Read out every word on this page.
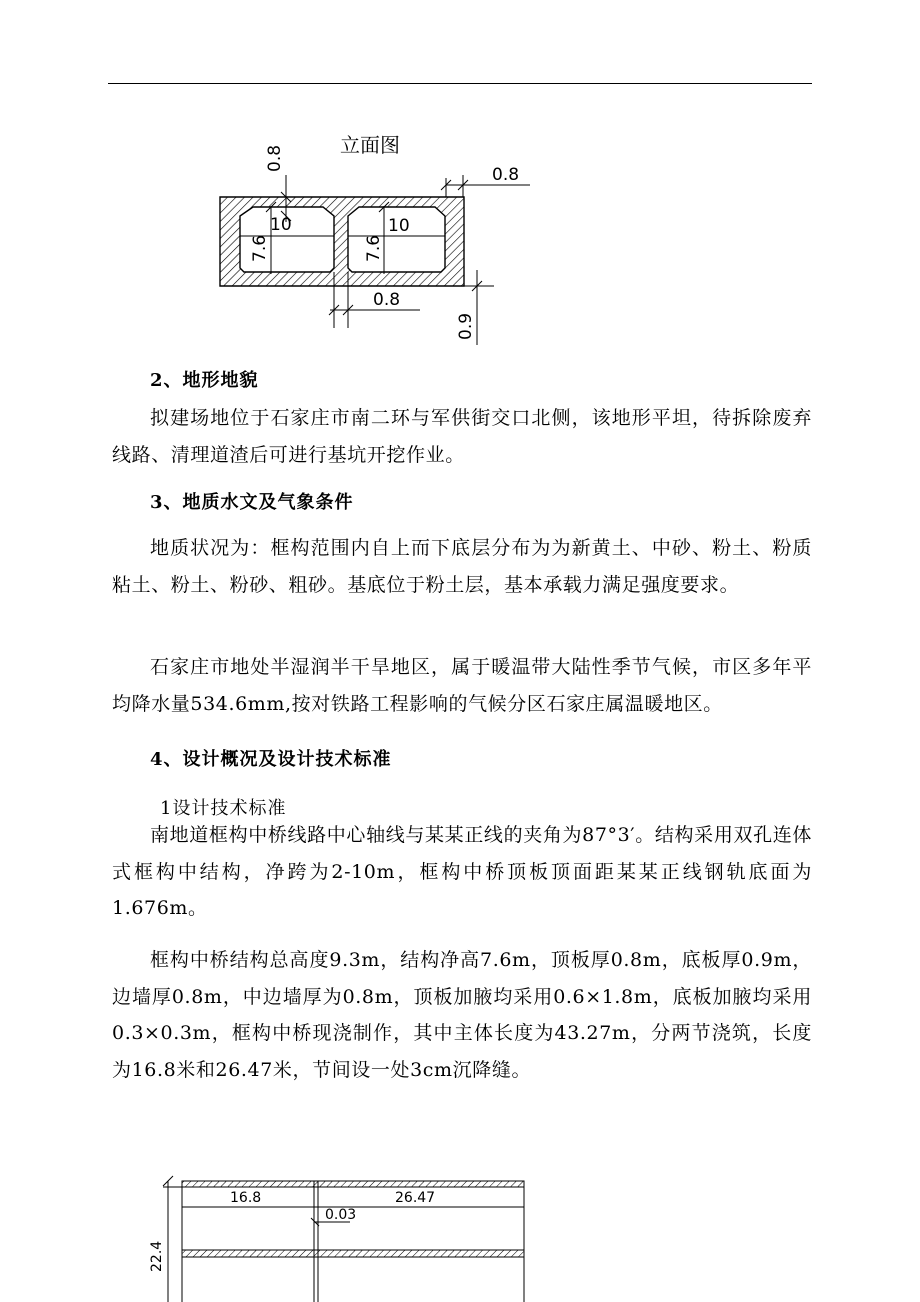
立面图
0.8
0.8
10	10
7.6	7.6
0.8
0.9
2、地形地貌

拟建场地位于石家庄市南二环与军供街交口北侧，该地形平坦，待拆除废弃线路、清理道渣后可进行基坑开挖作业。

3、地质水文及气象条件

地质状况为：框构范围内自上而下底层分布为为新黄土、中砂、粉土、粉质粘土、粉土、粉砂、粗砂。基底位于粉土层，基本承载力满足强度要求。

石家庄市地处半湿润半干旱地区，属于暖温带大陆性季节气候，市区多年平均降水量534.6mm,按对铁路工程影响的气候分区石家庄属温暖地区。

4、设计概况及设计技术标准
1设计技术标准

南地道框构中桥线路中心轴线与某某正线的夹角为87°3′。结构采用双孔连体式框构中结构，净跨为2-10m，框构中桥顶板顶面距某某正线钢轨底面为1.676m。

框构中桥结构总高度9.3m，结构净高7.6m，顶板厚0.8m，底板厚0.9m，边墙厚0.8m，中边墙厚为0.8m，顶板加腋均采用0.6×1.8m，底板加腋均采用0.3×0.3m，框构中桥现浇制作，其中主体长度为43.27m，分两节浇筑，长度为16.8米和26.47米，节间设一处3cm沉降缝。

16.8	26.47
0.03
22.4
